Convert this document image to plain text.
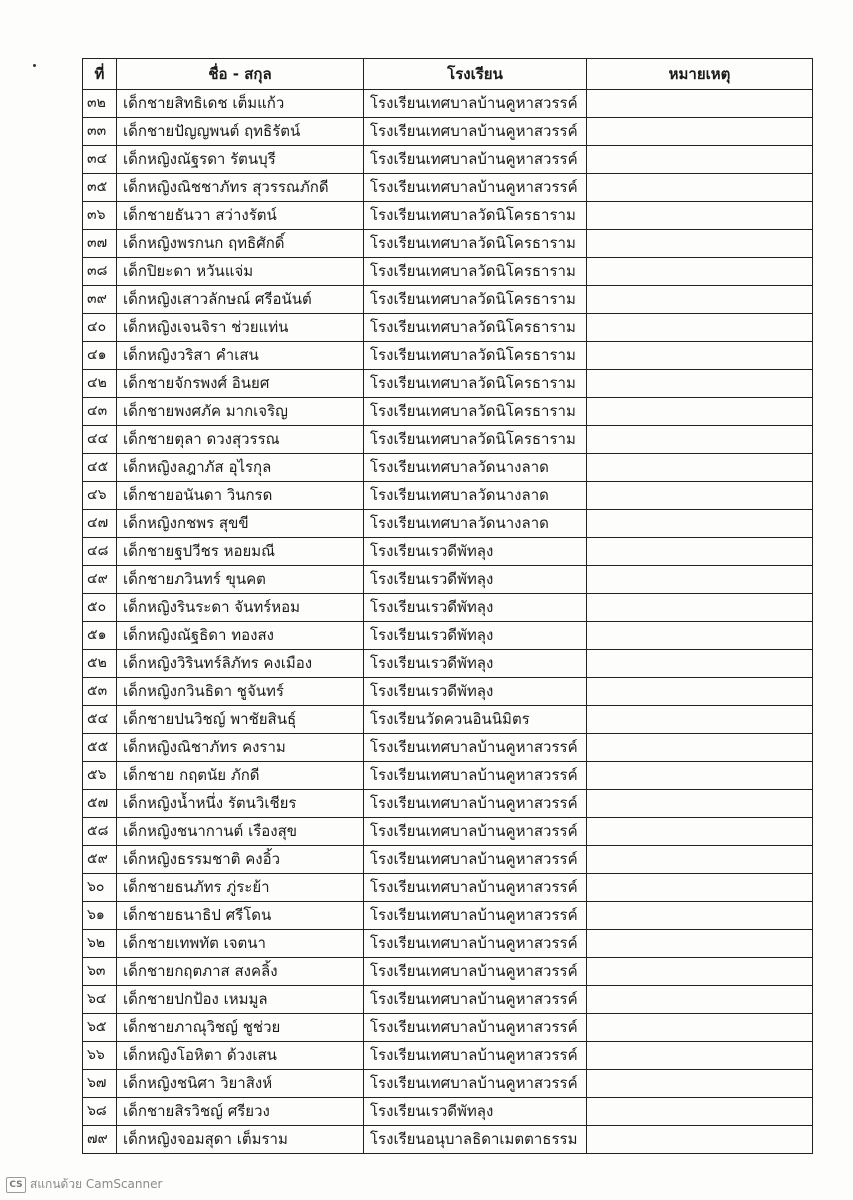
ที่	ชื่อ - สกุล	โรงเรียน	หมายเหตุ
๓๒	เด็กชายสิทธิเดช เต็มแก้ว	โรงเรียนเทศบาลบ้านคูหาสวรรค์	
๓๓	เด็กชายปัญญพนต์ ฤทธิรัตน์	โรงเรียนเทศบาลบ้านคูหาสวรรค์	
๓๔	เด็กหญิงณัฐรดา รัตนบุรี	โรงเรียนเทศบาลบ้านคูหาสวรรค์	
๓๕	เด็กหญิงณิชชาภัทร สุวรรณภักดี	โรงเรียนเทศบาลบ้านคูหาสวรรค์	
๓๖	เด็กชายธันวา สว่างรัตน์	โรงเรียนเทศบาลวัดนิโครธาราม	
๓๗	เด็กหญิงพรกนก ฤทธิศักดิ์	โรงเรียนเทศบาลวัดนิโครธาราม	
๓๘	เด็กปิยะดา หวันแจ่ม	โรงเรียนเทศบาลวัดนิโครธาราม	
๓๙	เด็กหญิงเสาวลักษณ์ ศรีอนันต์	โรงเรียนเทศบาลวัดนิโครธาราม	
๔๐	เด็กหญิงเจนจิรา ช่วยแท่น	โรงเรียนเทศบาลวัดนิโครธาราม	
๔๑	เด็กหญิงวริสา คำเสน	โรงเรียนเทศบาลวัดนิโครธาราม	
๔๒	เด็กชายจักรพงศ์ อินยศ	โรงเรียนเทศบาลวัดนิโครธาราม	
๔๓	เด็กชายพงศภัค มากเจริญ	โรงเรียนเทศบาลวัดนิโครธาราม	
๔๔	เด็กชายตุลา ดวงสุวรรณ	โรงเรียนเทศบาลวัดนิโครธาราม	
๔๕	เด็กหญิงลฎาภัส อุไรกุล	โรงเรียนเทศบาลวัดนางลาด	
๔๖	เด็กชายอนันดา วินกรด	โรงเรียนเทศบาลวัดนางลาด	
๔๗	เด็กหญิงกชพร สุขขี	โรงเรียนเทศบาลวัดนางลาด	
๔๘	เด็กชายฐปวีชร หอยมณี	โรงเรียนเรวดีพัทลุง	
๔๙	เด็กชายภวินทร์ ขุนคต	โรงเรียนเรวดีพัทลุง	
๕๐	เด็กหญิงรินระดา จันทร์หอม	โรงเรียนเรวดีพัทลุง	
๕๑	เด็กหญิงณัฐธิดา ทองสง	โรงเรียนเรวดีพัทลุง	
๕๒	เด็กหญิงวิรินทร์ลิภัทร คงเมือง	โรงเรียนเรวดีพัทลุง	
๕๓	เด็กหญิงกวินธิดา ชูจันทร์	โรงเรียนเรวดีพัทลุง	
๕๔	เด็กชายปนวิชญ์ พาชัยสินธุ์	โรงเรียนวัดควนอินนิมิตร	
๕๕	เด็กหญิงณิชาภัทร คงราม	โรงเรียนเทศบาลบ้านคูหาสวรรค์	
๕๖	เด็กชาย กฤตนัย ภักดี	โรงเรียนเทศบาลบ้านคูหาสวรรค์	
๕๗	เด็กหญิงน้ำหนึ่ง รัตนวิเชียร	โรงเรียนเทศบาลบ้านคูหาสวรรค์	
๕๘	เด็กหญิงชนากานต์ เรืองสุข	โรงเรียนเทศบาลบ้านคูหาสวรรค์	
๕๙	เด็กหญิงธรรมชาติ คงอิ้ว	โรงเรียนเทศบาลบ้านคูหาสวรรค์	
๖๐	เด็กชายธนภัทร ภู่ระย้า	โรงเรียนเทศบาลบ้านคูหาสวรรค์	
๖๑	เด็กชายธนาธิป ศรีโดน	โรงเรียนเทศบาลบ้านคูหาสวรรค์	
๖๒	เด็กชายเทพทัต เจตนา	โรงเรียนเทศบาลบ้านคูหาสวรรค์	
๖๓	เด็กชายกฤตภาส สงคลิ้ง	โรงเรียนเทศบาลบ้านคูหาสวรรค์	
๖๔	เด็กชายปกป้อง เหมมูล	โรงเรียนเทศบาลบ้านคูหาสวรรค์	
๖๕	เด็กชายภาณุวิชญ์ ชูช่วย	โรงเรียนเทศบาลบ้านคูหาสวรรค์	
๖๖	เด็กหญิงโอหิตา ด้วงเสน	โรงเรียนเทศบาลบ้านคูหาสวรรค์	
๖๗	เด็กหญิงชนิศา วิยาสิงห์	โรงเรียนเทศบาลบ้านคูหาสวรรค์	
๖๘	เด็กชายสิรวิชญ์ ศรียวง	โรงเรียนเรวดีพัทลุง	
๗๙	เด็กหญิงจอมสุดา เต็มราม	โรงเรียนอนุบาลธิดาเมตตาธรรม	
CS สแกนด้วย CamScanner
